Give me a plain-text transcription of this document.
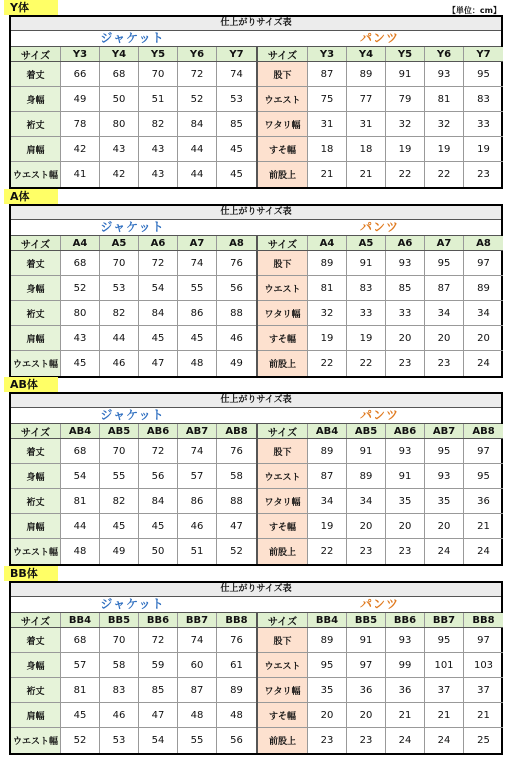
【単位：cm】
Y体
仕上がりサイズ表
ジャケット	パンツ
サイズ	Y3	Y4	Y5	Y6	Y7
着丈	66	68	70	72	74
身幅	49	50	51	52	53
裄丈	78	80	82	84	85
肩幅	42	43	43	44	45
ウエスト幅	41	42	43	44	45
サイズ	Y3	Y4	Y5	Y6	Y7
股下	87	89	91	93	95
ウエスト	75	77	79	81	83
ワタリ幅	31	31	32	32	33
すそ幅	18	18	19	19	19
前股上	21	21	22	22	23
A体
仕上がりサイズ表
ジャケット	パンツ
サイズ	A4	A5	A6	A7	A8
着丈	68	70	72	74	76
身幅	52	53	54	55	56
裄丈	80	82	84	86	88
肩幅	43	44	45	45	46
ウエスト幅	45	46	47	48	49
サイズ	A4	A5	A6	A7	A8
股下	89	91	93	95	97
ウエスト	81	83	85	87	89
ワタリ幅	32	33	33	34	34
すそ幅	19	19	20	20	20
前股上	22	22	23	23	24
AB体
仕上がりサイズ表
ジャケット	パンツ
サイズ	AB4	AB5	AB6	AB7	AB8
着丈	68	70	72	74	76
身幅	54	55	56	57	58
裄丈	81	82	84	86	88
肩幅	44	45	45	46	47
ウエスト幅	48	49	50	51	52
サイズ	AB4	AB5	AB6	AB7	AB8
股下	89	91	93	95	97
ウエスト	87	89	91	93	95
ワタリ幅	34	34	35	35	36
すそ幅	19	20	20	20	21
前股上	22	23	23	24	24
BB体
仕上がりサイズ表
ジャケット	パンツ
サイズ	BB4	BB5	BB6	BB7	BB8
着丈	68	70	72	74	76
身幅	57	58	59	60	61
裄丈	81	83	85	87	89
肩幅	45	46	47	48	48
ウエスト幅	52	53	54	55	56
サイズ	BB4	BB5	BB6	BB7	BB8
股下	89	91	93	95	97
ウエスト	95	97	99	101	103
ワタリ幅	35	36	36	37	37
すそ幅	20	20	21	21	21
前股上	23	23	24	24	25
